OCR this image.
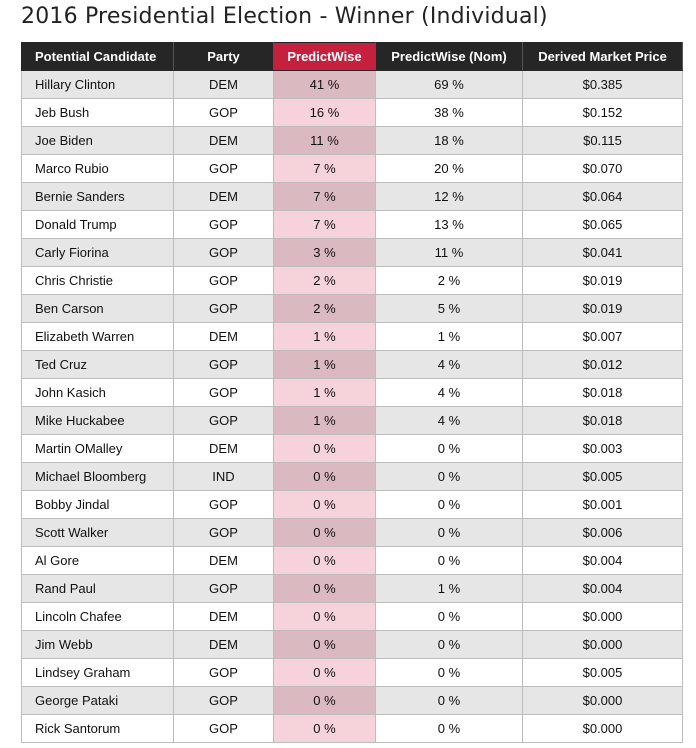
2016 Presidential Election - Winner (Individual)
Potential Candidate	Party	PredictWise	PredictWise (Nom)	Derived Market Price
Hillary Clinton	DEM	41 %	69 %	$0.385
Jeb Bush	GOP	16 %	38 %	$0.152
Joe Biden	DEM	11 %	18 %	$0.115
Marco Rubio	GOP	7 %	20 %	$0.070
Bernie Sanders	DEM	7 %	12 %	$0.064
Donald Trump	GOP	7 %	13 %	$0.065
Carly Fiorina	GOP	3 %	11 %	$0.041
Chris Christie	GOP	2 %	2 %	$0.019
Ben Carson	GOP	2 %	5 %	$0.019
Elizabeth Warren	DEM	1 %	1 %	$0.007
Ted Cruz	GOP	1 %	4 %	$0.012
John Kasich	GOP	1 %	4 %	$0.018
Mike Huckabee	GOP	1 %	4 %	$0.018
Martin OMalley	DEM	0 %	0 %	$0.003
Michael Bloomberg	IND	0 %	0 %	$0.005
Bobby Jindal	GOP	0 %	0 %	$0.001
Scott Walker	GOP	0 %	0 %	$0.006
Al Gore	DEM	0 %	0 %	$0.004
Rand Paul	GOP	0 %	1 %	$0.004
Lincoln Chafee	DEM	0 %	0 %	$0.000
Jim Webb	DEM	0 %	0 %	$0.000
Lindsey Graham	GOP	0 %	0 %	$0.005
George Pataki	GOP	0 %	0 %	$0.000
Rick Santorum	GOP	0 %	0 %	$0.000
